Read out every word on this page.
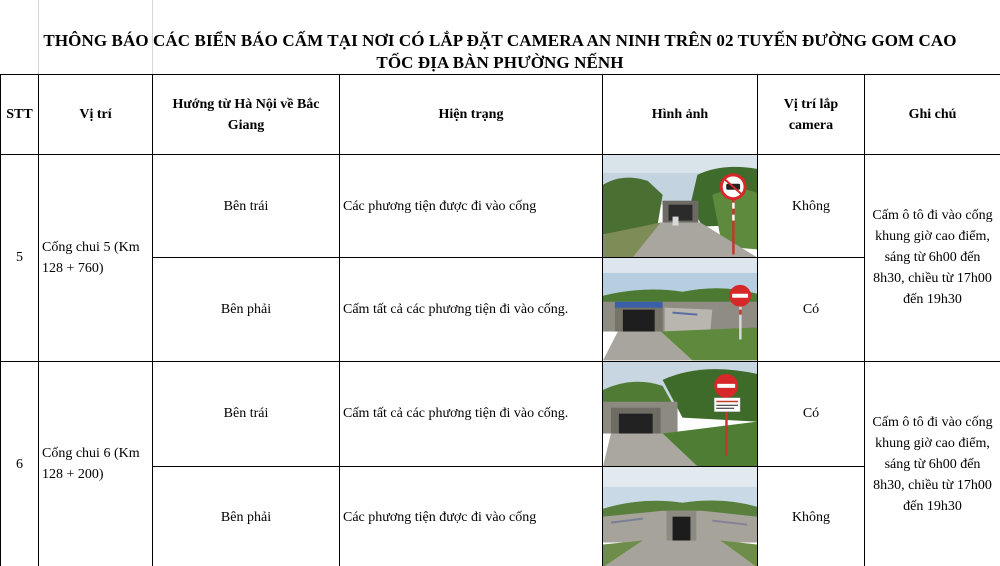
THÔNG BÁO CÁC BIỂN BÁO CẤM TẠI NƠI CÓ LẮP ĐẶT CAMERA AN NINH TRÊN 02 TUYẾN ĐƯỜNG GOM CAO
TỐC ĐỊA BÀN PHƯỜNG NẾNH
STT	Vị trí	Hướng từ Hà Nội về Bắc Giang	Hiện trạng	Hình ảnh	Vị trí lắp camera	Ghi chú
5	Cống chui 5 (Km 128 + 760)	Bên trái	Các phương tiện được đi vào cống		Không	Cấm ô tô đi vào cống khung giờ cao điểm, sáng từ 6h00 đến 8h30, chiều từ 17h00 đến 19h30
		Bên phải	Cấm tất cả các phương tiện đi vào cống.		Có	
6	Cống chui 6 (Km 128 + 200)	Bên trái	Cấm tất cả các phương tiện đi vào cống.		Có	Cấm ô tô đi vào cống khung giờ cao điểm, sáng từ 6h00 đến 8h30, chiều từ 17h00 đến 19h30
		Bên phải	Các phương tiện được đi vào cống		Không	
